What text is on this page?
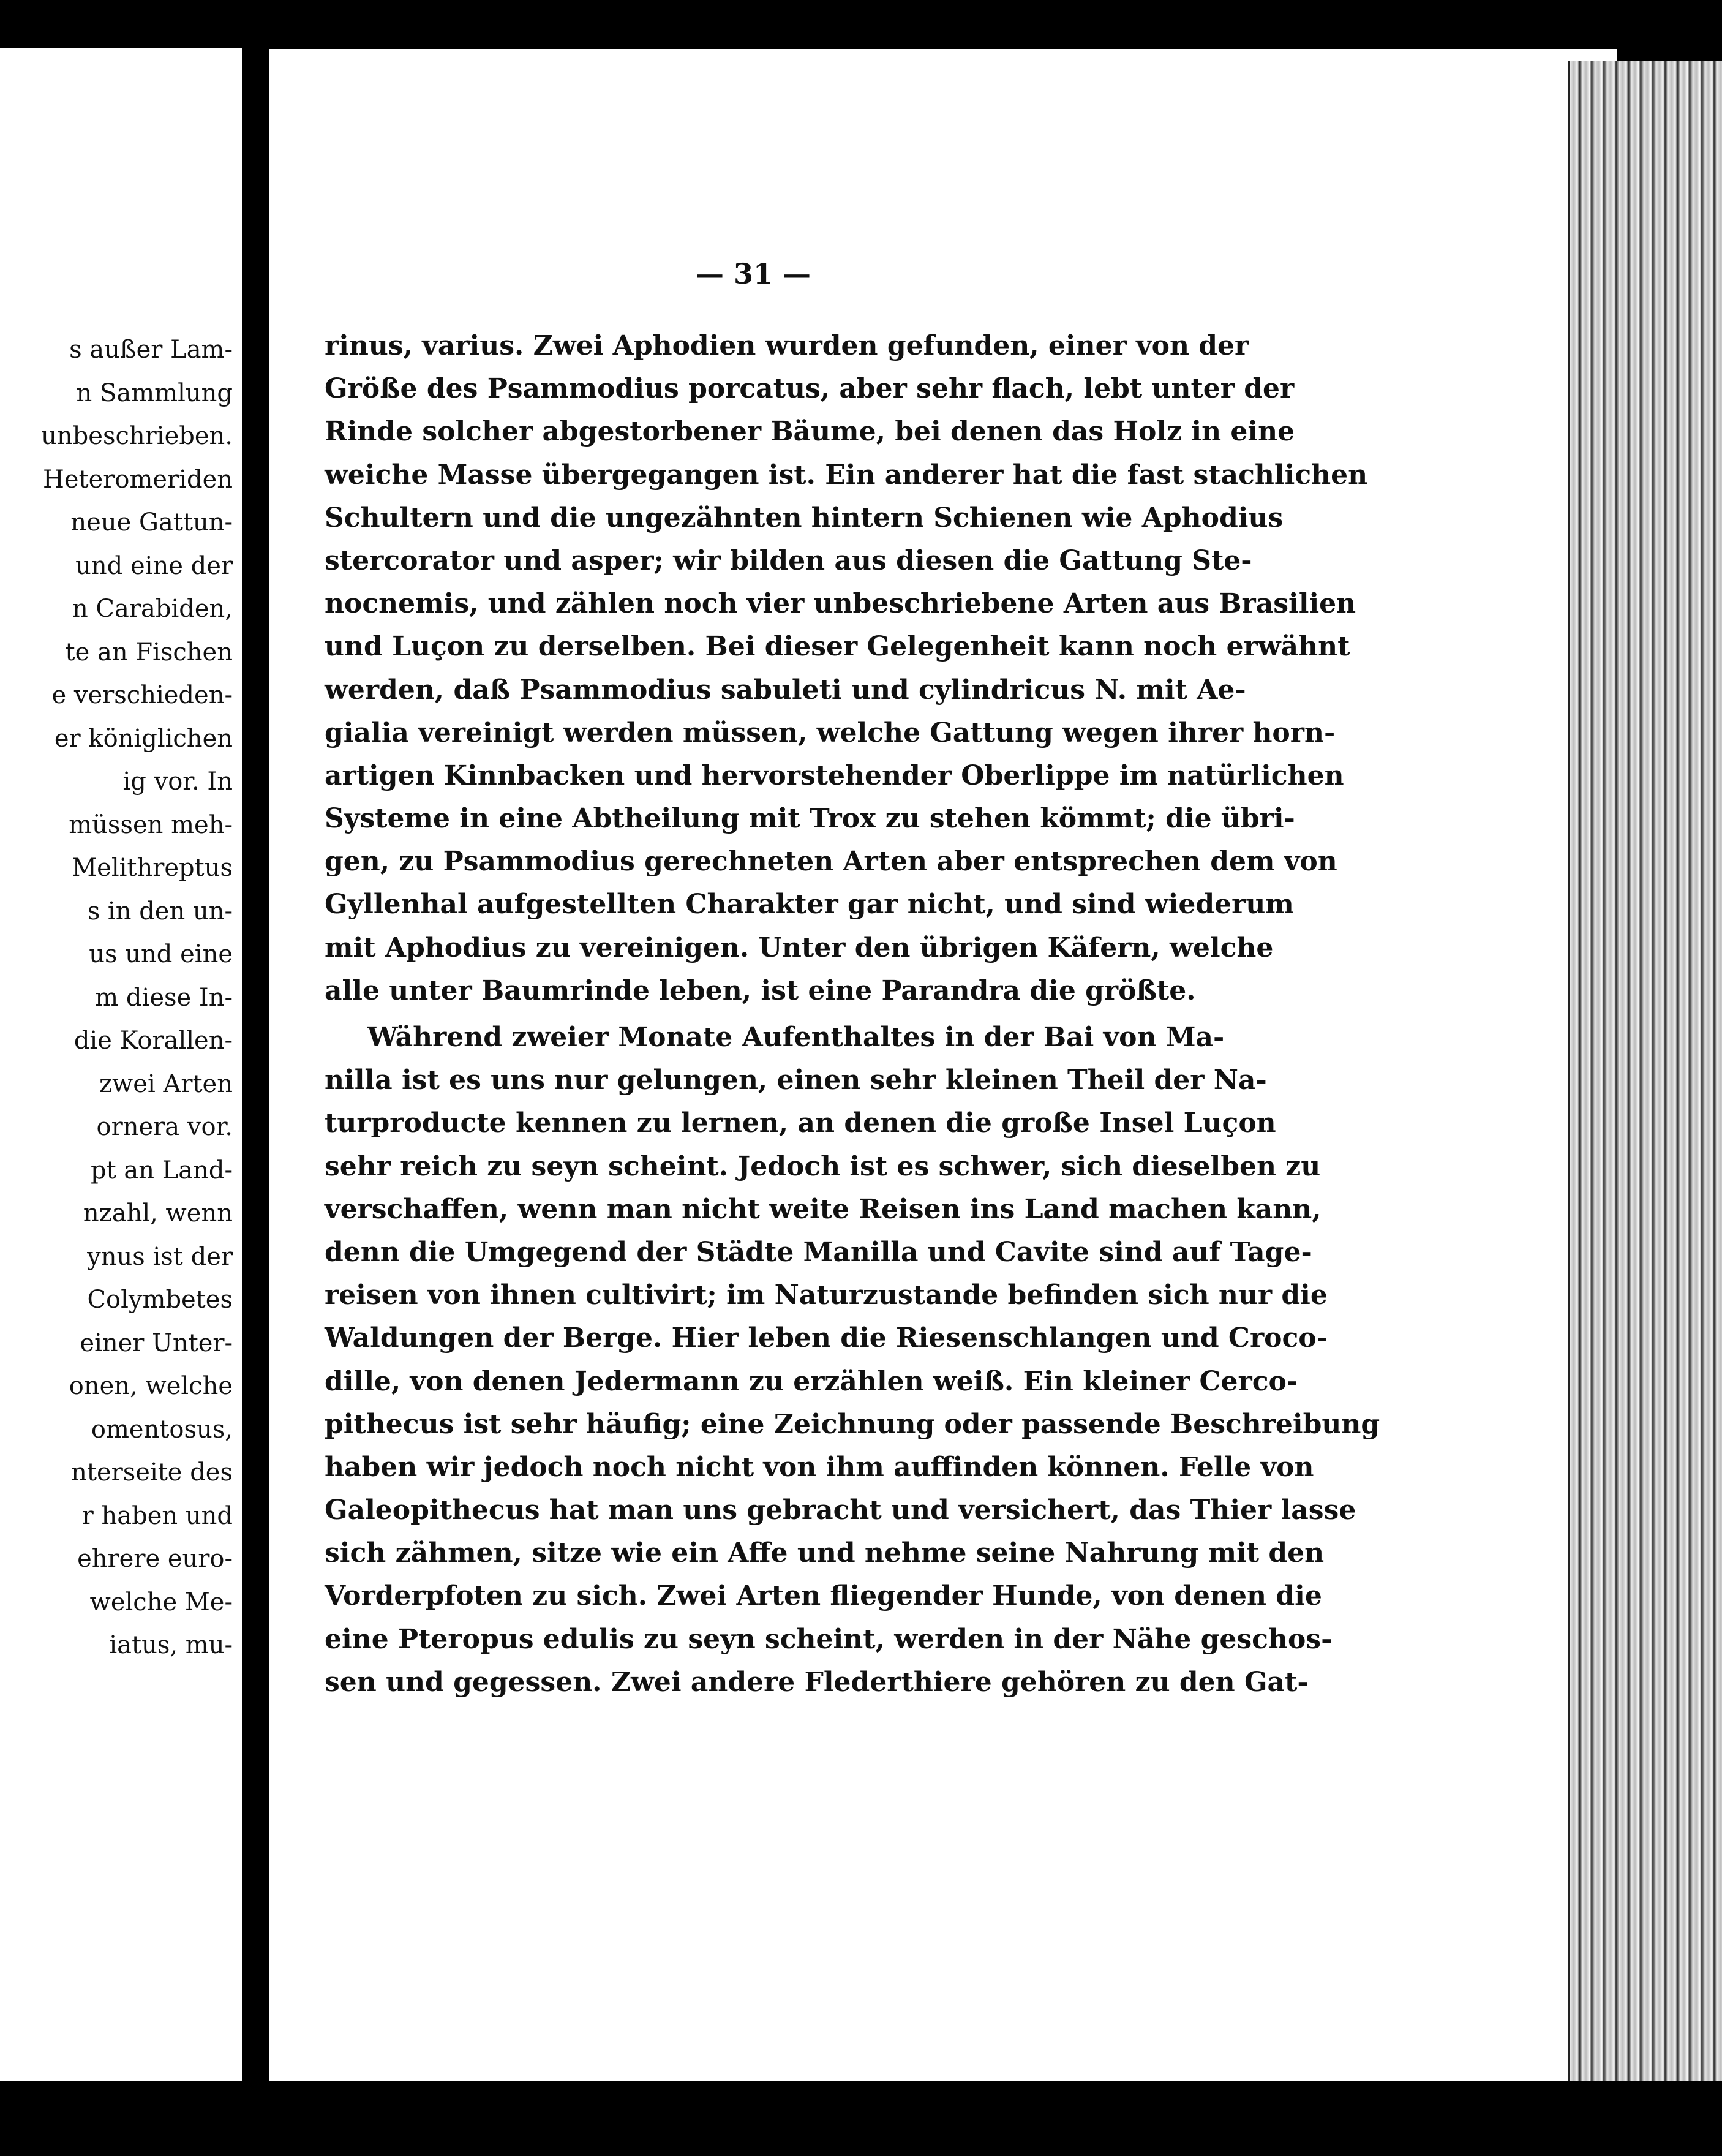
s außer Lam-
n Sammlung
unbeschrieben.
Heteromeriden
neue Gattun-
und eine der
n Carabiden,
te an Fischen
e verschieden-
er königlichen
ig vor. In
müssen meh-
Melithreptus
s in den un-
us und eine
m diese In-
die Korallen-
zwei Arten
ornera vor.
pt an Land-
nzahl, wenn
ynus ist der
Colymbetes
einer Unter-
onen, welche
omentosus,
nterseite des
r haben und
ehrere euro-
welche Me-
iatus, mu-
— 31 —
rinus, varius. Zwei Aphodien wurden gefunden, einer von der
Größe des Psammodius porcatus, aber sehr flach, lebt unter der
Rinde solcher abgestorbener Bäume, bei denen das Holz in eine
weiche Masse übergegangen ist. Ein anderer hat die fast stachlichen
Schultern und die ungezähnten hintern Schienen wie Aphodius
stercorator und asper; wir bilden aus diesen die Gattung Ste-
nocnemis, und zählen noch vier unbeschriebene Arten aus Brasilien
und Luçon zu derselben. Bei dieser Gelegenheit kann noch erwähnt
werden, daß Psammodius sabuleti und cylindricus N. mit Ae-
gialia vereinigt werden müssen, welche Gattung wegen ihrer horn-
artigen Kinnbacken und hervorstehender Oberlippe im natürlichen
Systeme in eine Abtheilung mit Trox zu stehen kömmt; die übri-
gen, zu Psammodius gerechneten Arten aber entsprechen dem von
Gyllenhal aufgestellten Charakter gar nicht, und sind wiederum
mit Aphodius zu vereinigen. Unter den übrigen Käfern, welche
alle unter Baumrinde leben, ist eine Parandra die größte.
Während zweier Monate Aufenthaltes in der Bai von Ma-
nilla ist es uns nur gelungen, einen sehr kleinen Theil der Na-
turproducte kennen zu lernen, an denen die große Insel Luçon
sehr reich zu seyn scheint. Jedoch ist es schwer, sich dieselben zu
verschaffen, wenn man nicht weite Reisen ins Land machen kann,
denn die Umgegend der Städte Manilla und Cavite sind auf Tage-
reisen von ihnen cultivirt; im Naturzustande befinden sich nur die
Waldungen der Berge. Hier leben die Riesenschlangen und Croco-
dille, von denen Jedermann zu erzählen weiß. Ein kleiner Cerco-
pithecus ist sehr häufig; eine Zeichnung oder passende Beschreibung
haben wir jedoch noch nicht von ihm auffinden können. Felle von
Galeopithecus hat man uns gebracht und versichert, das Thier lasse
sich zähmen, sitze wie ein Affe und nehme seine Nahrung mit den
Vorderpfoten zu sich. Zwei Arten fliegender Hunde, von denen die
eine Pteropus edulis zu seyn scheint, werden in der Nähe geschos-
sen und gegessen. Zwei andere Flederthiere gehören zu den Gat-
